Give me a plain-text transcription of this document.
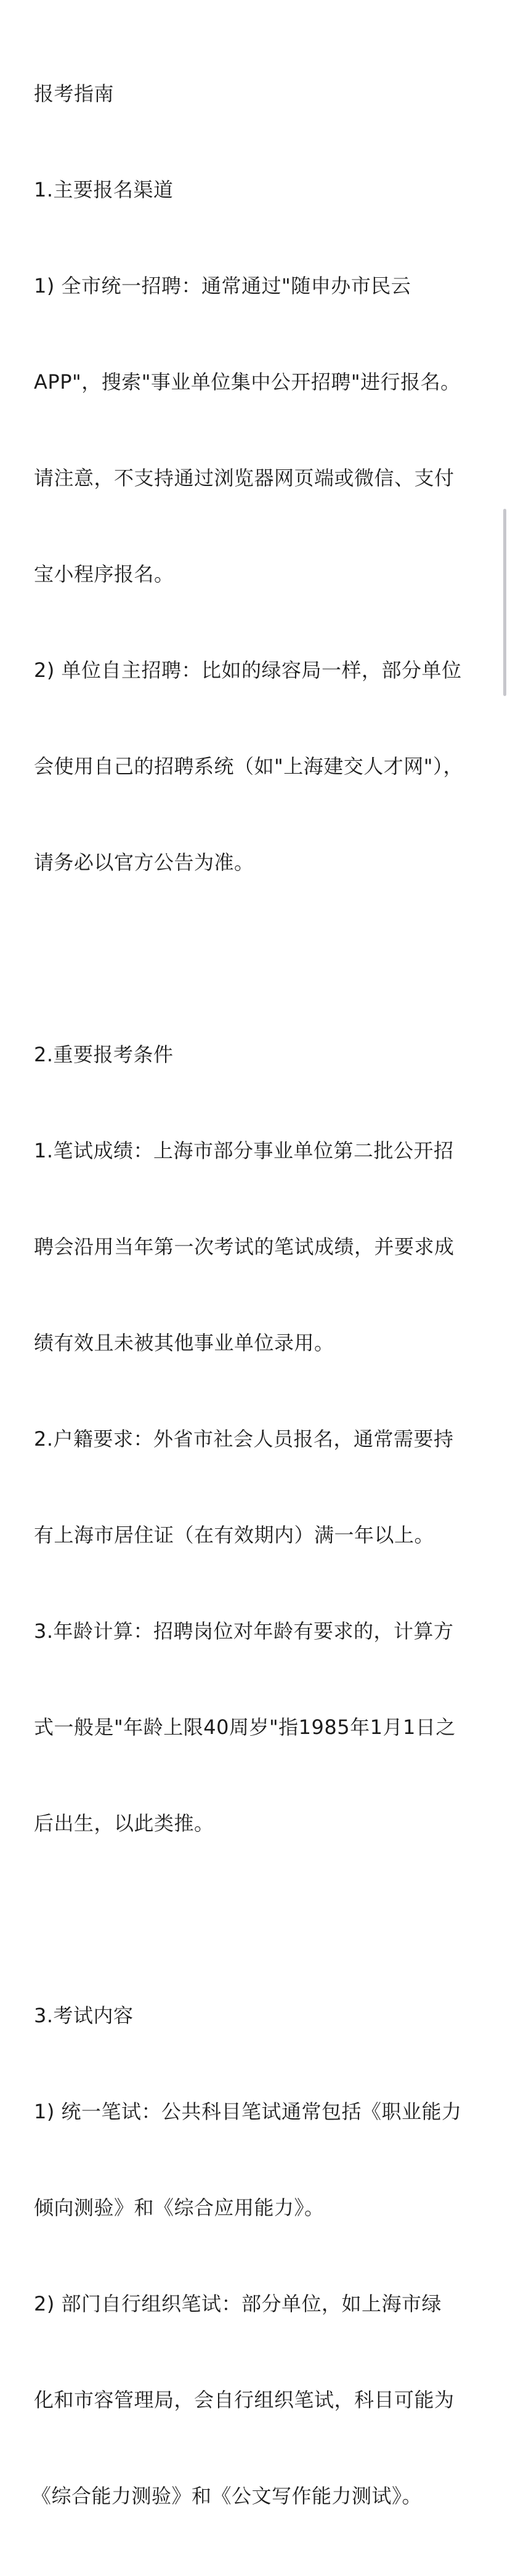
报考指南

1.主要报名渠道

1) 全市统一招聘：通常通过"随申办市民云

APP"，搜索"事业单位集中公开招聘"进行报名。

请注意，不支持通过浏览器网页端或微信、支付

宝小程序报名。

2) 单位自主招聘：比如的绿容局一样，部分单位

会使用自己的招聘系统（如"上海建交人才网"），

请务必以官方公告为准。

2.重要报考条件

1.笔试成绩：上海市部分事业单位第二批公开招

聘会沿用当年第一次考试的笔试成绩，并要求成

绩有效且未被其他事业单位录用。

2.户籍要求：外省市社会人员报名，通常需要持

有上海市居住证（在有效期内）满一年以上。

3.年龄计算：招聘岗位对年龄有要求的，计算方

式一般是"年龄上限40周岁"指1985年1月1日之

后出生，以此类推。

3.考试内容

1) 统一笔试：公共科目笔试通常包括《职业能力

倾向测验》和《综合应用能力》。

2) 部门自行组织笔试：部分单位，如上海市绿

化和市容管理局，会自行组织笔试，科目可能为

《综合能力测验》和《公文写作能力测试》。
